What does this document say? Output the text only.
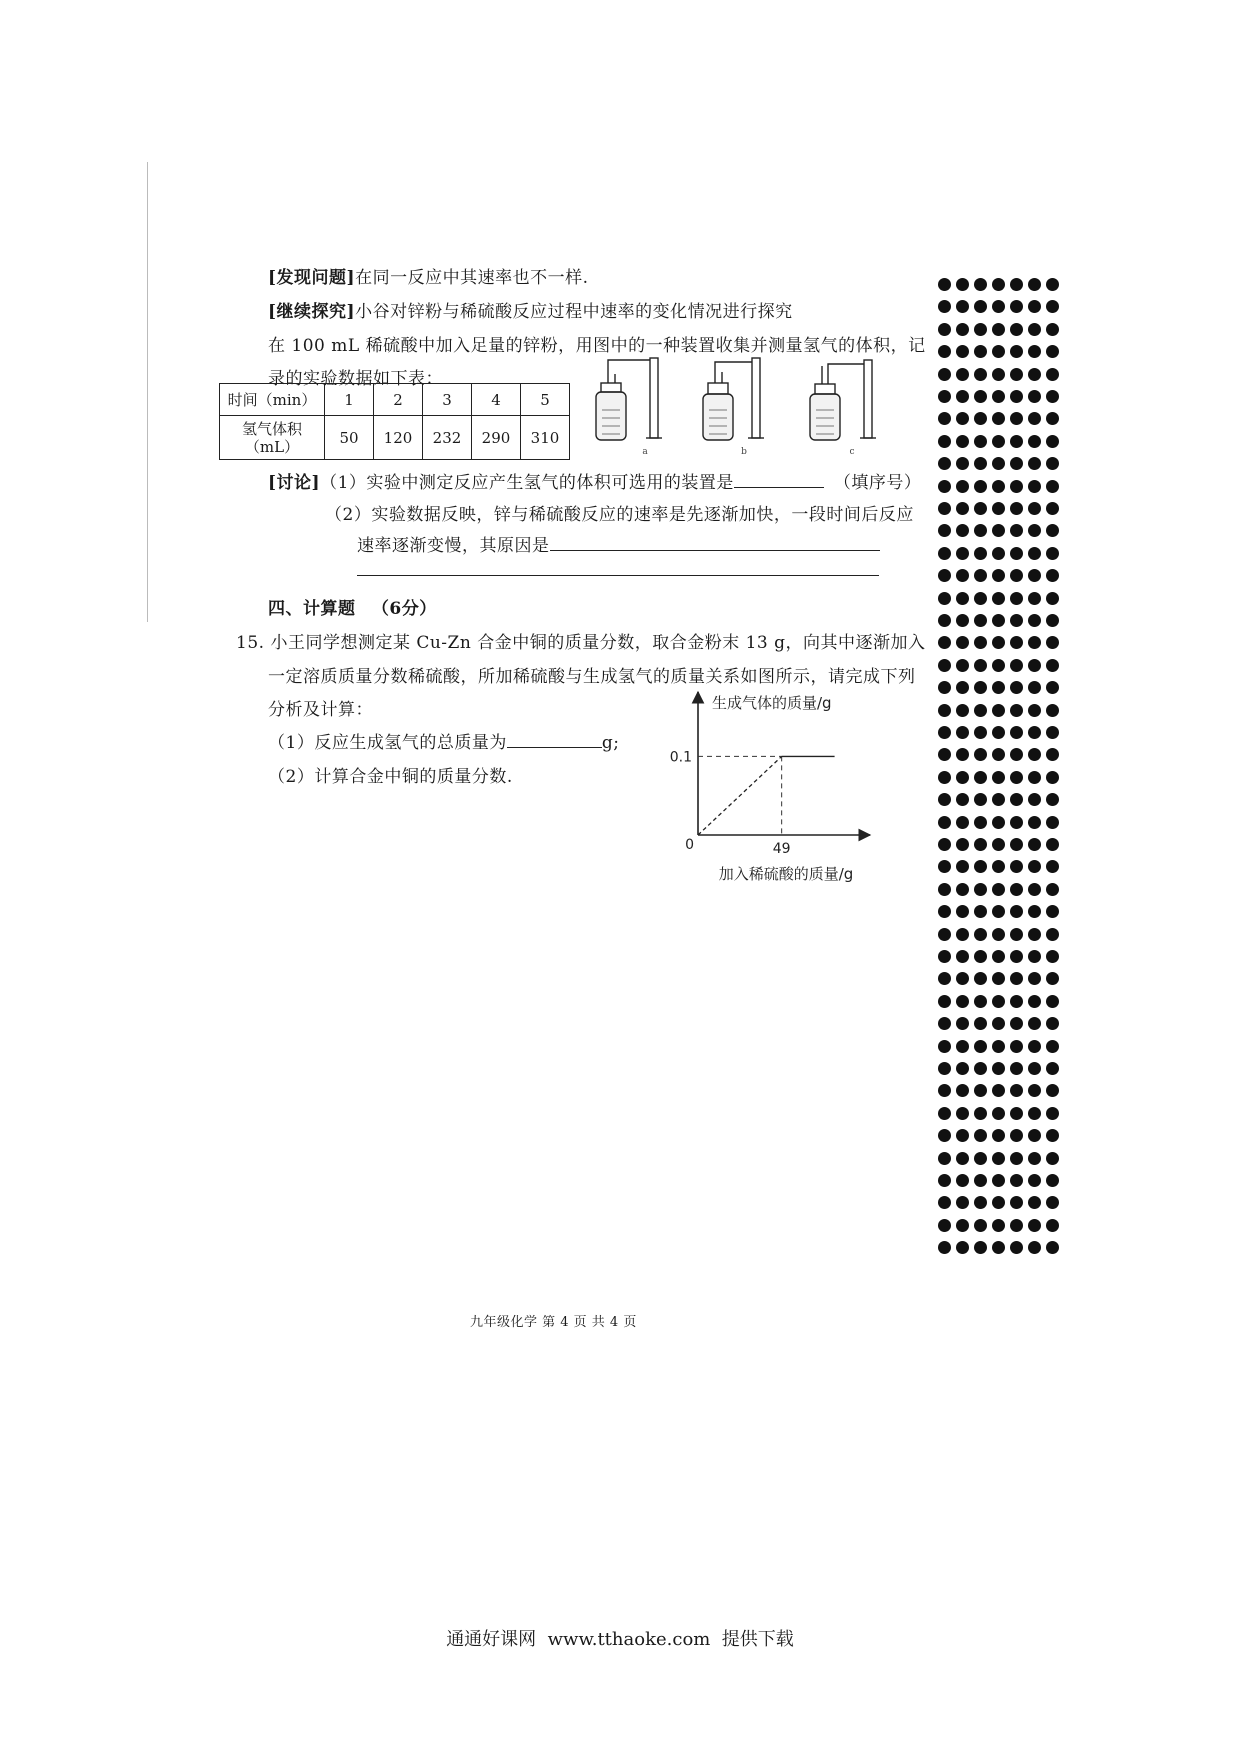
[发现问题]在同一反应中其速率也不一样.
[继续探究]小谷对锌粉与稀硫酸反应过程中速率的变化情况进行探究
在 100 mL 稀硫酸中加入足量的锌粉，用图中的一种装置收集并测量氢气的体积，记
录的实验数据如下表：
时间（min）	1	2	3	4	5

氢气体积
（mL）	50	120	232	290	310
a	b	c
[讨论]（1）实验中测定反应产生氢气的体积可选用的装置是	（填序号）
（2）实验数据反映，锌与稀硫酸反应的速率是先逐渐加快，一段时间后反应
速率逐渐变慢，其原因是
四、计算题 （6分）
15. 小王同学想测定某 Cu-Zn 合金中铜的质量分数，取合金粉末 13 g，向其中逐渐加入
一定溶质质量分数稀硫酸，所加稀硫酸与生成氢气的质量关系如图所示，请完成下列
分析及计算：
（1）反应生成氢气的总质量为	g;
（2）计算合金中铜的质量分数.
生成气体的质量/g
加入稀硫酸的质量/g
0	49
0.1
九年级化学 第 4 页 共 4 页
通通好课网 www.tthaoke.com 提供下载
